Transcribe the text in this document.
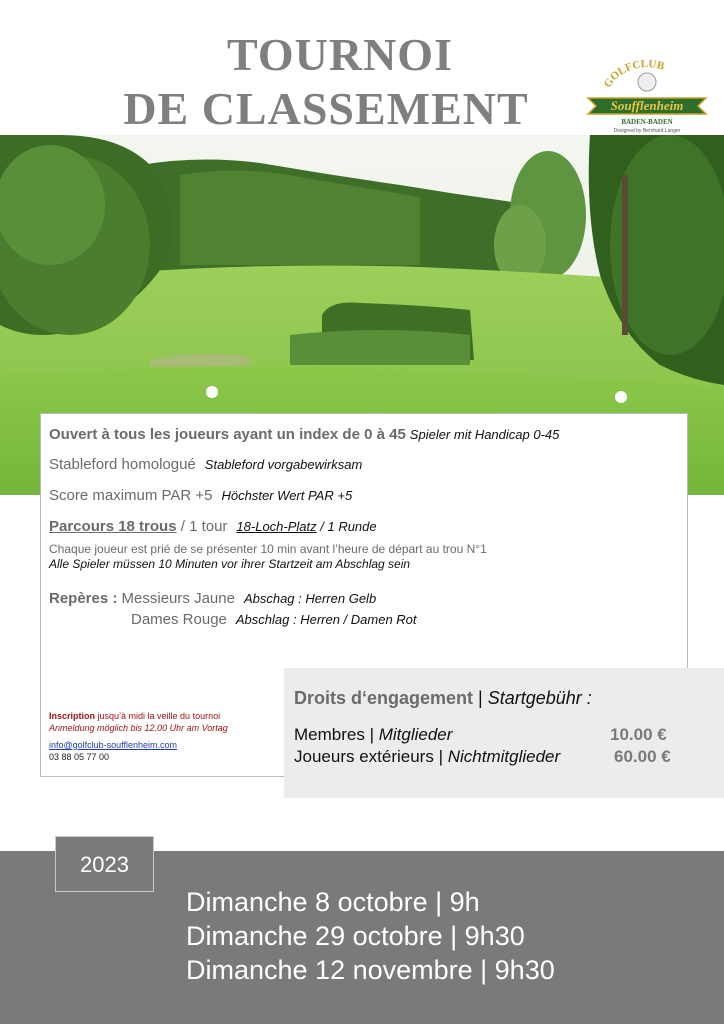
TOURNOI
DE CLASSEMENT
GOLFCLUB
Soufflenheim
BADEN-BADEN
Designed by Bernhard Langer
Ouvert à tous les joueurs ayant un index de 0 à 45 Spieler mit Handicap 0-45
Stableford homologué Stableford vorgabewirksam
Score maximum PAR +5 Höchster Wert PAR +5
Parcours 18 trous / 1 tour 18-Loch-Platz / 1 Runde
Chaque joueur est prié de se présenter 10 min avant l’heure de départ au trou N°1
Alle Spieler müssen 10 Minuten vor ihrer Startzeit am Abschlag sein
Repères : Messieurs Jaune Abschag : Herren Gelb
Dames Rouge Abschlag : Herren / Damen Rot
Inscription jusqu’à midi la veille du tournoi
Anmeldung möglich bis 12.00 Uhr am Vortag
info@golfclub-soufflenheim.com
03 88 05 77 00
Droits d‘engagement | Startgebühr :
Membres | Mitglieder	10.00 €
Joueurs extérieurs | Nichtmitglieder	60.00 €
2023
Dimanche 8 octobre | 9h
Dimanche 29 octobre | 9h30
Dimanche 12 novembre | 9h30
